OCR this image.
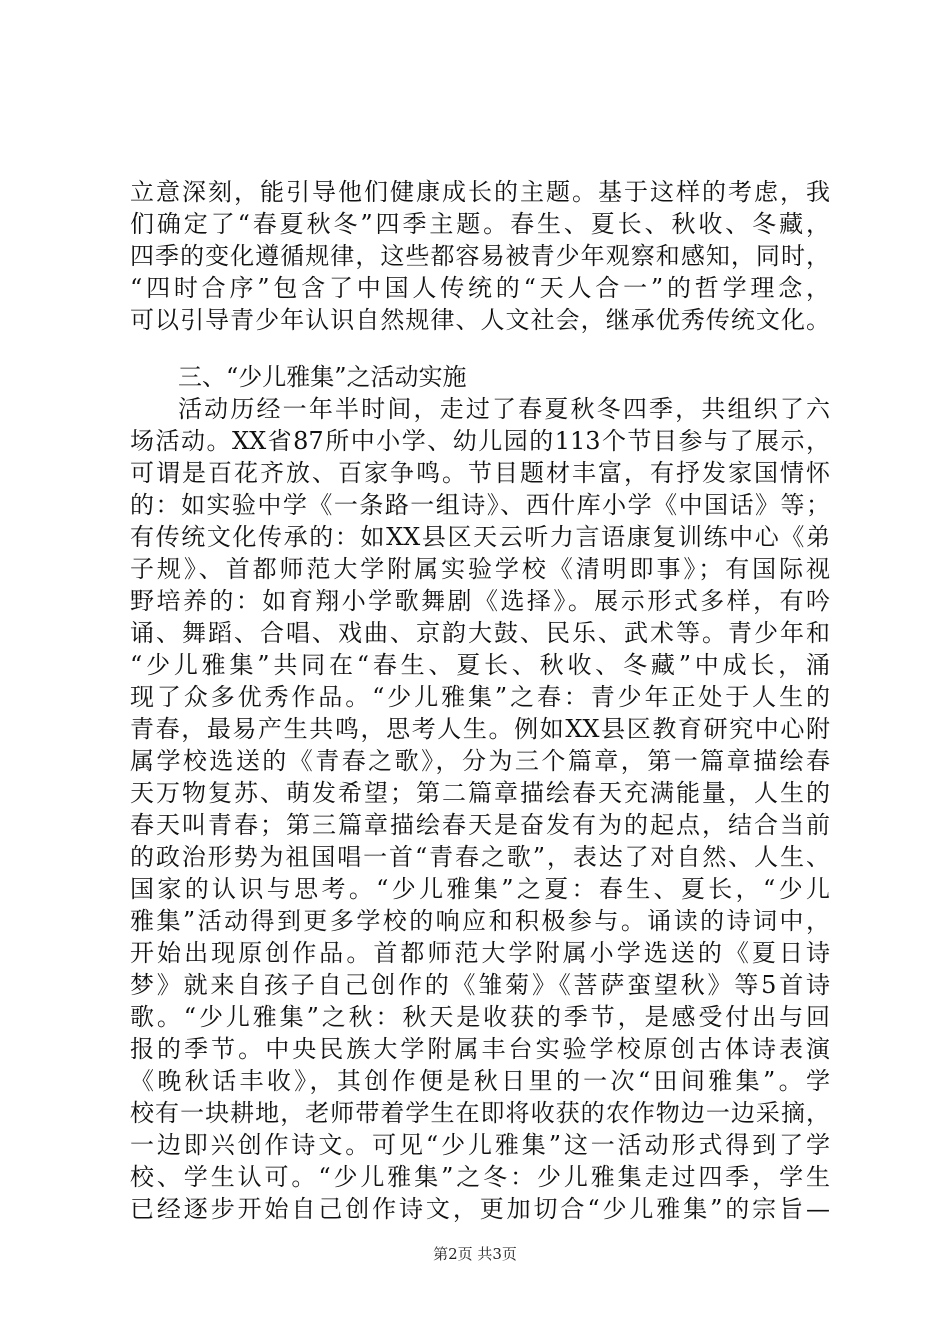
立意深刻，能引导他们健康成长的主题。基于这样的考虑，我
们确定了“春夏秋冬”四季主题。春生、夏长、秋收、冬藏，
四季的变化遵循规律，这些都容易被青少年观察和感知，同时，
“四时合序”包含了中国人传统的“天人合一”的哲学理念，
可以引导青少年认识自然规律、人文社会，继承优秀传统文化。
三、“少儿雅集”之活动实施
活动历经一年半时间，走过了春夏秋冬四季，共组织了六
场活动。XX省87所中小学、幼儿园的113个节目参与了展示，
可谓是百花齐放、百家争鸣。节目题材丰富，有抒发家国情怀
的：如实验中学《一条路一组诗》、西什库小学《中国话》等；
有传统文化传承的：如XX县区天云听力言语康复训练中心《弟
子规》、首都师范大学附属实验学校《清明即事》；有国际视
野培养的：如育翔小学歌舞剧《选择》。展示形式多样，有吟
诵、舞蹈、合唱、戏曲、京韵大鼓、民乐、武术等。青少年和
“少儿雅集”共同在“春生、夏长、秋收、冬藏”中成长，涌
现了众多优秀作品。“少儿雅集”之春：青少年正处于人生的
青春，最易产生共鸣，思考人生。例如XX县区教育研究中心附
属学校选送的《青春之歌》，分为三个篇章，第一篇章描绘春
天万物复苏、萌发希望；第二篇章描绘春天充满能量，人生的
春天叫青春；第三篇章描绘春天是奋发有为的起点，结合当前
的政治形势为祖国唱一首“青春之歌”，表达了对自然、人生、
国家的认识与思考。“少儿雅集”之夏：春生、夏长，“少儿
雅集”活动得到更多学校的响应和积极参与。诵读的诗词中，
开始出现原创作品。首都师范大学附属小学选送的《夏日诗
梦》就来自孩子自己创作的《雏菊》《菩萨蛮望秋》等5首诗
歌。“少儿雅集”之秋：秋天是收获的季节，是感受付出与回
报的季节。中央民族大学附属丰台实验学校原创古体诗表演
《晚秋话丰收》，其创作便是秋日里的一次“田间雅集”。学
校有一块耕地，老师带着学生在即将收获的农作物边一边采摘，
一边即兴创作诗文。可见“少儿雅集”这一活动形式得到了学
校、学生认可。“少儿雅集”之冬：少儿雅集走过四季，学生
已经逐步开始自己创作诗文，更加切合“少儿雅集”的宗旨—
第2页 共3页
